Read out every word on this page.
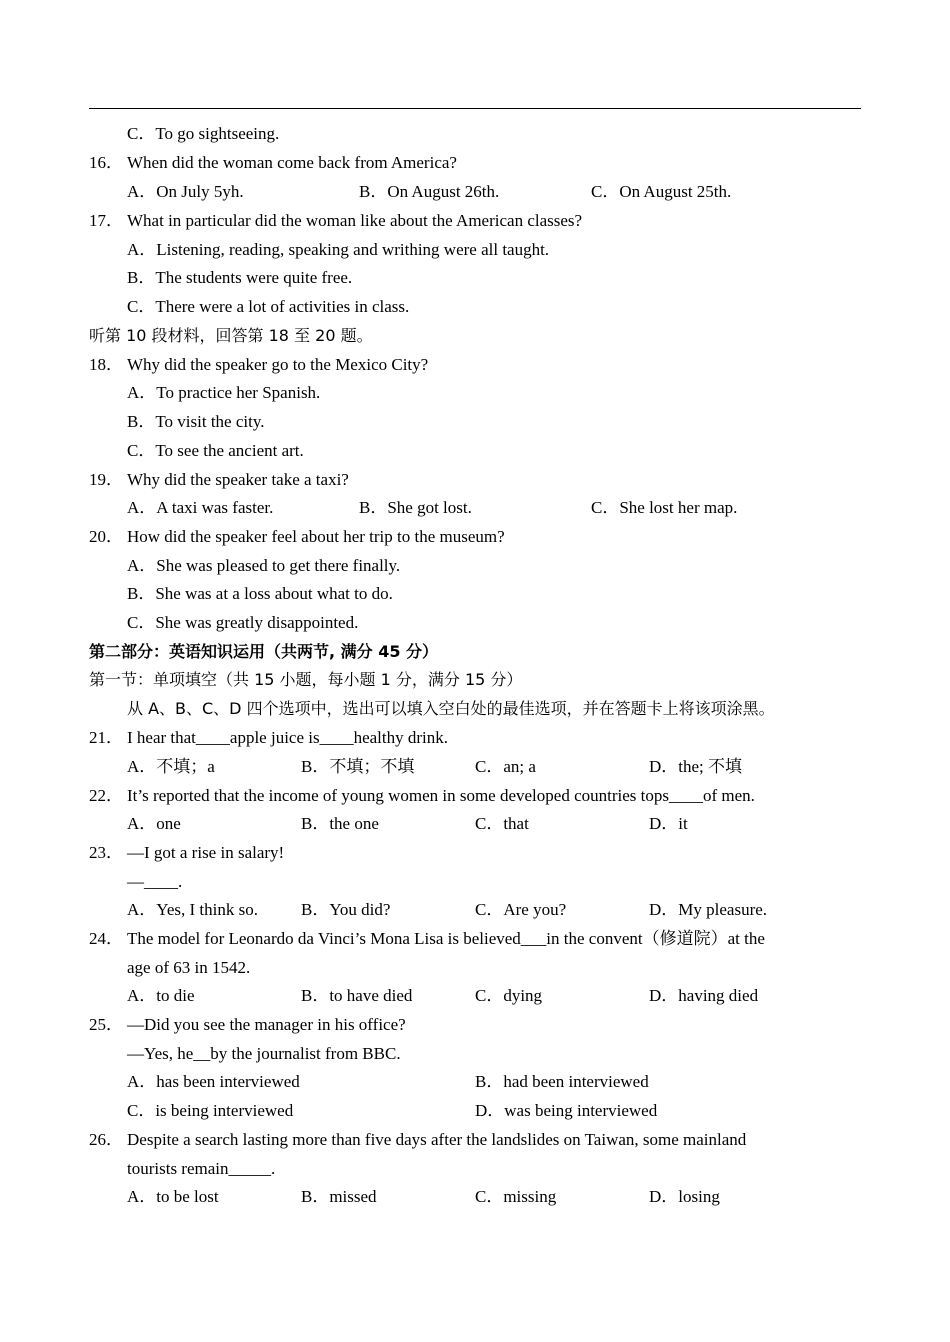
C．To go sightseeing.
16． When did the woman come back from America?
A．On July 5yh.	B．On August 26th.	C．On August 25th.
17． What in particular did the woman like about the American classes?
A．Listening, reading, speaking and writhing were all taught.
B．The students were quite free.
C．There were a lot of activities in class.
听第 10 段材料，回答第 18 至 20 题。
18． Why did the speaker go to the Mexico City?
A．To practice her Spanish.
B．To visit the city.
C．To see the ancient art.
19． Why did the speaker take a taxi?
A．A taxi was faster.	B．She got lost.	C．She lost her map.
20． How did the speaker feel about her trip to the museum?
A．She was pleased to get there finally.
B．She was at a loss about what to do.
C．She was greatly disappointed.
第二部分：英语知识运用（共两节, 满分 45 分）
第一节：单项填空（共 15 小题，每小题 1 分，满分 15 分）
从 A、B、C、D 四个选项中，选出可以填入空白处的最佳选项，并在答题卡上将该项涂黑。
21． I hear that____apple juice is____healthy drink.
A．不填；a	B．不填；不填	C．an; a	D．the; 不填
22． It’s reported that the income of young women in some developed countries tops____of men.
A．one	B．the one	C．that	D．it
23． —I got a rise in salary!
—____.
A．Yes, I think so.	B．You did?	C．Are you?	D．My pleasure.
24． The model for Leonardo da Vinci’s Mona Lisa is believed___in the convent（修道院）at the
age of 63 in 1542.
A．to die	B．to have died	C．dying	D．having died
25． —Did you see the manager in his office?
—Yes, he__by the journalist from BBC.
A．has been interviewed	B．had been interviewed
C．is being interviewed	D．was being interviewed
26． Despite a search lasting more than five days after the landslides on Taiwan, some mainland
tourists remain_____.
A．to be lost	B．missed	C．missing	D．losing
